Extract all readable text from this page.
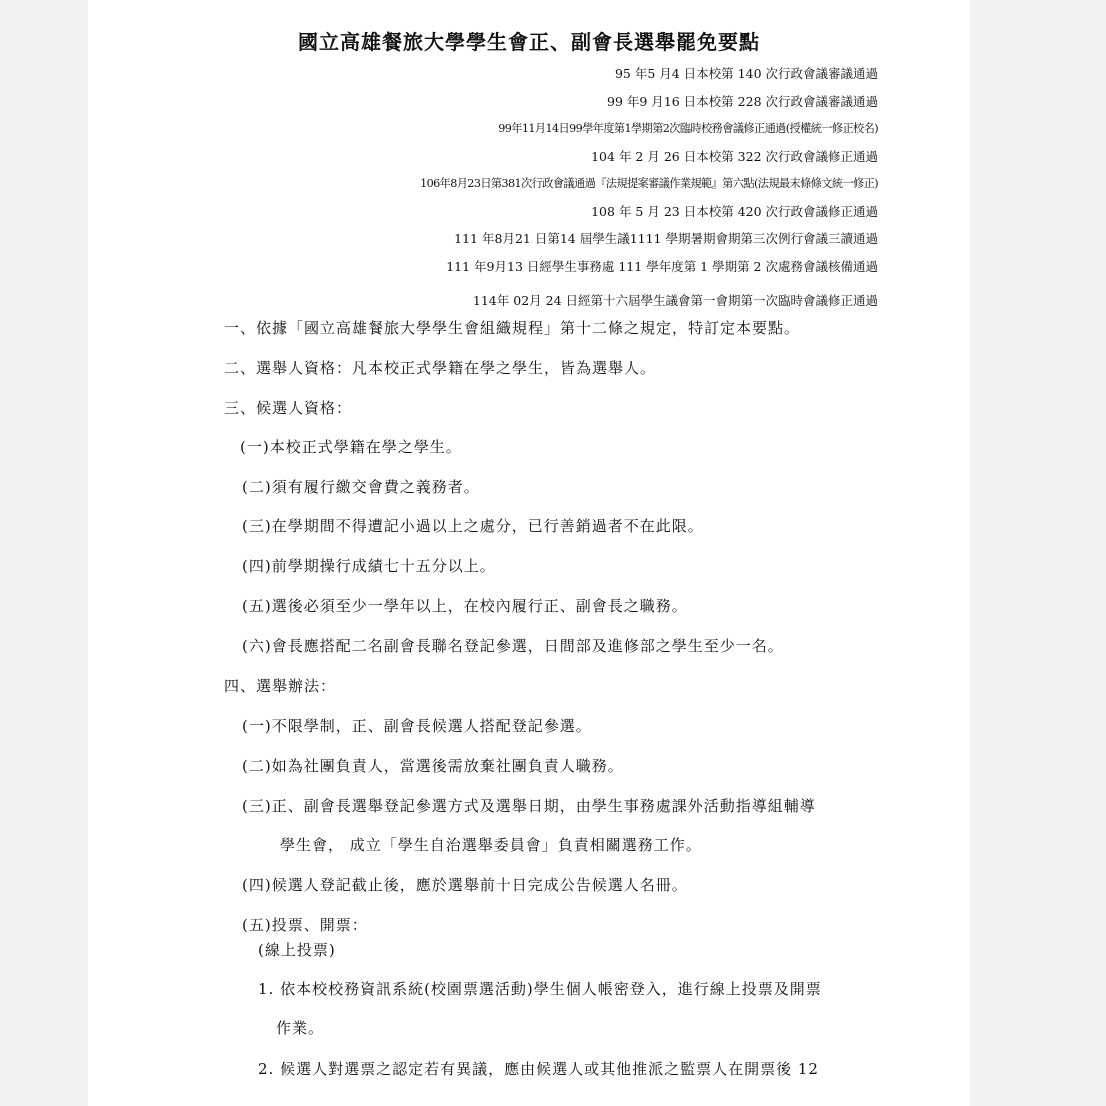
國立高雄餐旅大學學生會正、副會長選舉罷免要點
95 年5 月4 日本校第 140 次行政會議審議通過
99 年9 月16 日本校第 228 次行政會議審議通過
99年11月14日99學年度第1學期第2次臨時校務會議修正通過(授權統一修正校名)
104 年 2 月 26 日本校第 322 次行政會議修正通過
106年8月23日第381次行政會議通過『法規提案審議作業規範』第六點(法規最末條條文統一修正)
108 年 5 月 23 日本校第 420 次行政會議修正通過
111 年8月21 日第14 屆學生議1111 學期暑期會期第三次例行會議三讀通過
111 年9月13 日經學生事務處 111 學年度第 1 學期第 2 次處務會議核備通過
114年 02月 24 日經第十六屆學生議會第一會期第一次臨時會議修正通過
一、依據「國立高雄餐旅大學學生會組織規程」第十二條之規定，特訂定本要點。
二、選舉人資格：凡本校正式學籍在學之學生，皆為選舉人。
三、候選人資格：
(一)本校正式學籍在學之學生。
(二)須有履行繳交會費之義務者。
(三)在學期間不得遭記小過以上之處分，已行善銷過者不在此限。
(四)前學期操行成績七十五分以上。
(五)選後必須至少一學年以上，在校內履行正、副會長之職務。
(六)會長應搭配二名副會長聯名登記參選，日間部及進修部之學生至少一名。
四、選舉辦法：
(一)不限學制，正、副會長候選人搭配登記參選。
(二)如為社團負責人，當選後需放棄社團負責人職務。
(三)正、副會長選舉登記參選方式及選舉日期，由學生事務處課外活動指導組輔導
學生會， 成立「學生自治選舉委員會」負責相關選務工作。
(四)候選人登記截止後，應於選舉前十日完成公告候選人名冊。
(五)投票、開票：
(線上投票)
1. 依本校校務資訊系統(校園票選活動)學生個人帳密登入，進行線上投票及開票
作業。
2. 候選人對選票之認定若有異議，應由候選人或其他推派之監票人在開票後 12
